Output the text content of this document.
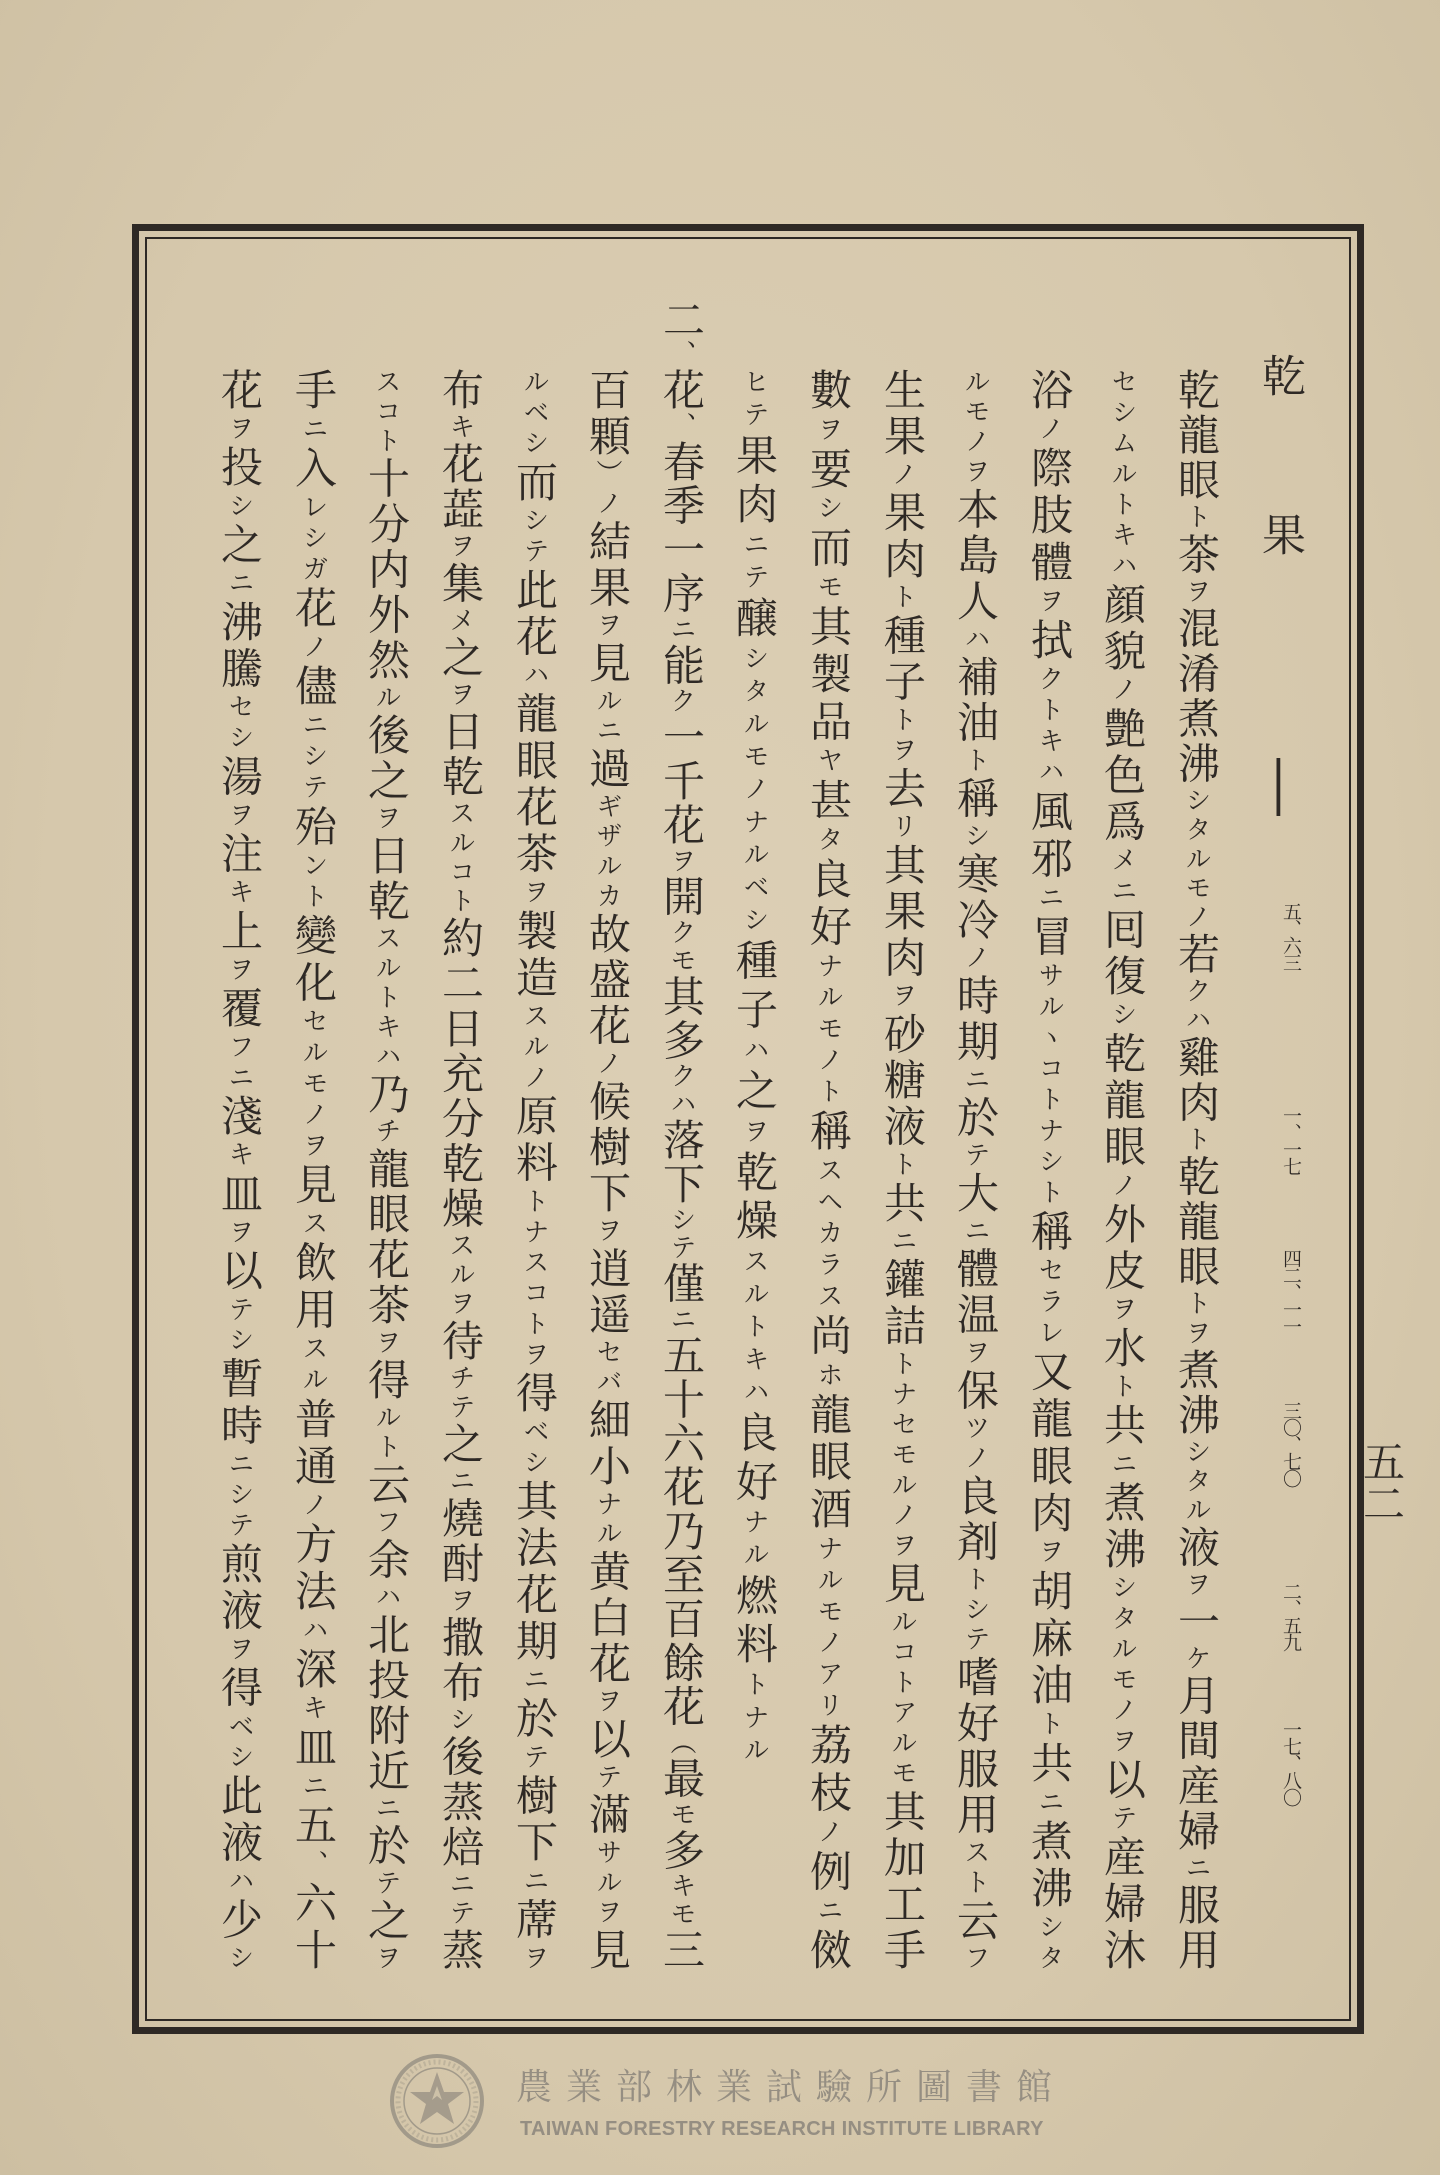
乾
果
―
五、六三
一、一七
四二、一一
三〇、七〇
二、五九
一七、八〇
乾龍眼ト茶ヲ混淆煮沸シタルモノ若クハ雞肉ト乾龍眼トヲ煮沸シタル液ヲ一ケ月間産婦ニ服用
セシムルトキハ顔貌ノ艶色爲メニ囘復シ乾龍眼ノ外皮ヲ水ト共ニ煮沸シタルモノヲ以テ産婦沐
浴ノ際肢體ヲ拭クトキハ風邪ニ冒サルヽコトナシト稱セラレ又龍眼肉ヲ胡麻油ト共ニ煮沸シタ
ルモノヲ本島人ハ補油ト稱シ寒冷ノ時期ニ於テ大ニ體温ヲ保ツノ良剤トシテ嗜好服用スト云フ
生果ノ果肉ト種子トヲ去リ其果肉ヲ砂糖液ト共ニ鑵詰トナセモルノヲ見ルコトアルモ其加工手
數ヲ要シ而モ其製品ヤ甚タ良好ナルモノト稱スヘカラス尚ホ龍眼酒ナルモノアリ荔枝ノ例ニ傚
ヒテ果肉ニテ醸シタルモノナルベシ種子ハ之ヲ乾燥スルトキハ良好ナル燃料トナル
二、
花、春季一序ニ能ク一千花ヲ開クモ其多クハ落下シテ僅ニ五十六花乃至百餘花（最モ多キモ三
百顆）ノ結果ヲ見ルニ過ギザルカ故盛花ノ候樹下ヲ逍遥セバ細小ナル黄白花ヲ以テ滿サルヲ見
ルベシ而シテ此花ハ龍眼花茶ヲ製造スルノ原料トナスコトヲ得ベシ其法花期ニ於テ樹下ニ蓆ヲ
布キ花蕋ヲ集メ之ヲ日乾スルコト約二日充分乾燥スルヲ待チテ之ニ燒酎ヲ撒布シ後蒸焙ニテ蒸
スコト十分内外然ル後之ヲ日乾スルトキハ乃チ龍眼花茶ヲ得ルト云フ余ハ北投附近ニ於テ之ヲ
手ニ入レシガ花ノ儘ニシテ殆ント變化セルモノヲ見ス飲用スル普通ノ方法ハ深キ皿ニ五、六十
花ヲ投シ之ニ沸騰セシ湯ヲ注キ上ヲ覆フニ淺キ皿ヲ以テシ暫時ニシテ煎液ヲ得ベシ此液ハ少シ
五二
農業部林業試驗所圖書館
TAIWAN FORESTRY RESEARCH INSTITUTE LIBRARY
